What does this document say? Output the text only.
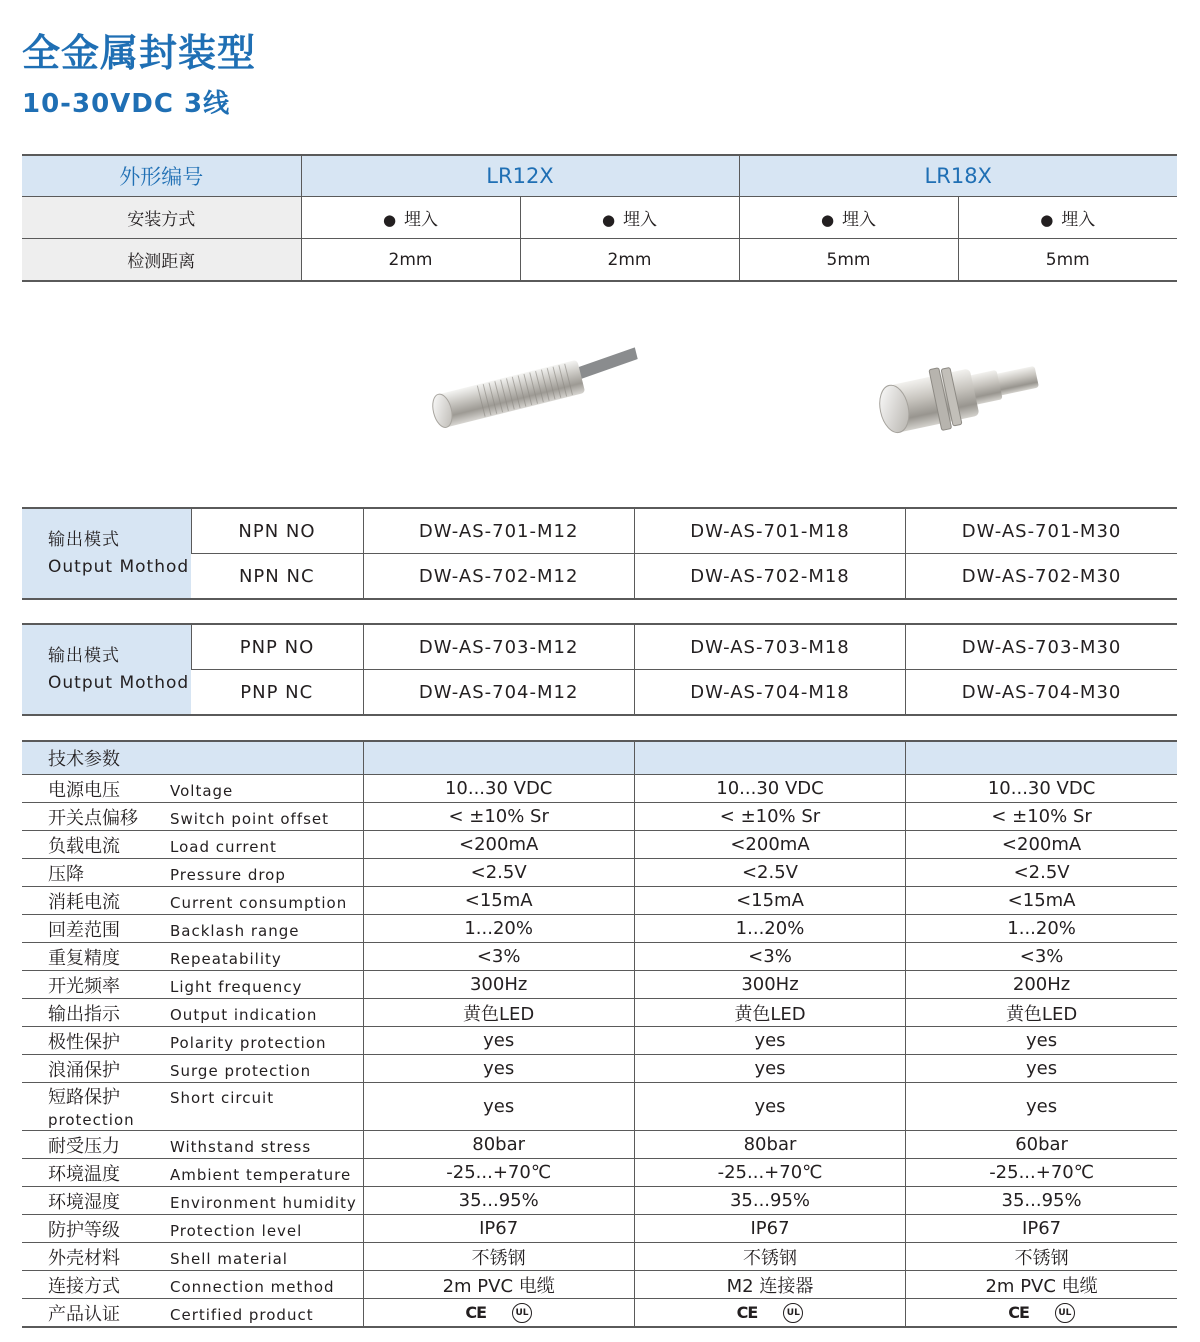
全金属封装型
10-30VDC 3线
外形编号	LR12X		LR18X	
安装方式	● 埋入	● 埋入	● 埋入	● 埋入
检测距离	2mm	2mm	5mm	5mm
输出模式
Output Mothod	NPN NO	DW-AS-701-M12	DW-AS-701-M18	DW-AS-701-M30
	NPN NC	DW-AS-702-M12	DW-AS-702-M18	DW-AS-702-M30
输出模式
Output Mothod	PNP NO	DW-AS-703-M12	DW-AS-703-M18	DW-AS-703-M30
	PNP NC	DW-AS-704-M12	DW-AS-704-M18	DW-AS-704-M30
技术参数			
电源电压 Voltage	10...30 VDC	10...30 VDC	10...30 VDC
开关点偏移 Switch point offset	< ±10% Sr	< ±10% Sr	< ±10% Sr
负载电流 Load current	<200mA	<200mA	<200mA
压降 Pressure drop	<2.5V	<2.5V	<2.5V
消耗电流 Current consumption	<15mA	<15mA	<15mA
回差范围 Backlash range	1...20%	1...20%	1...20%
重复精度 Repeatability	<3%	<3%	<3%
开光频率 Light frequency	300Hz	300Hz	200Hz
输出指示 Output indication	黄色LED	黄色LED	黄色LED
极性保护 Polarity protection	yes	yes	yes
浪涌保护 Surge protection	yes	yes	yes
短路保护 Short circuit protection	yes	yes	yes
耐受压力 Withstand stress	80bar	80bar	60bar
环境温度 Ambient temperature	-25...+70℃	-25...+70℃	-25...+70℃
环境湿度 Environment humidity	35...95%	35...95%	35...95%
防护等级 Protection level	IP67	IP67	IP67
外壳材料 Shell material	不锈钢	不锈钢	不锈钢
连接方式 Connection method	2m PVC 电缆	M2 连接器	2m PVC 电缆
产品认证 Certified product	CE UL	CE UL	CE UL
